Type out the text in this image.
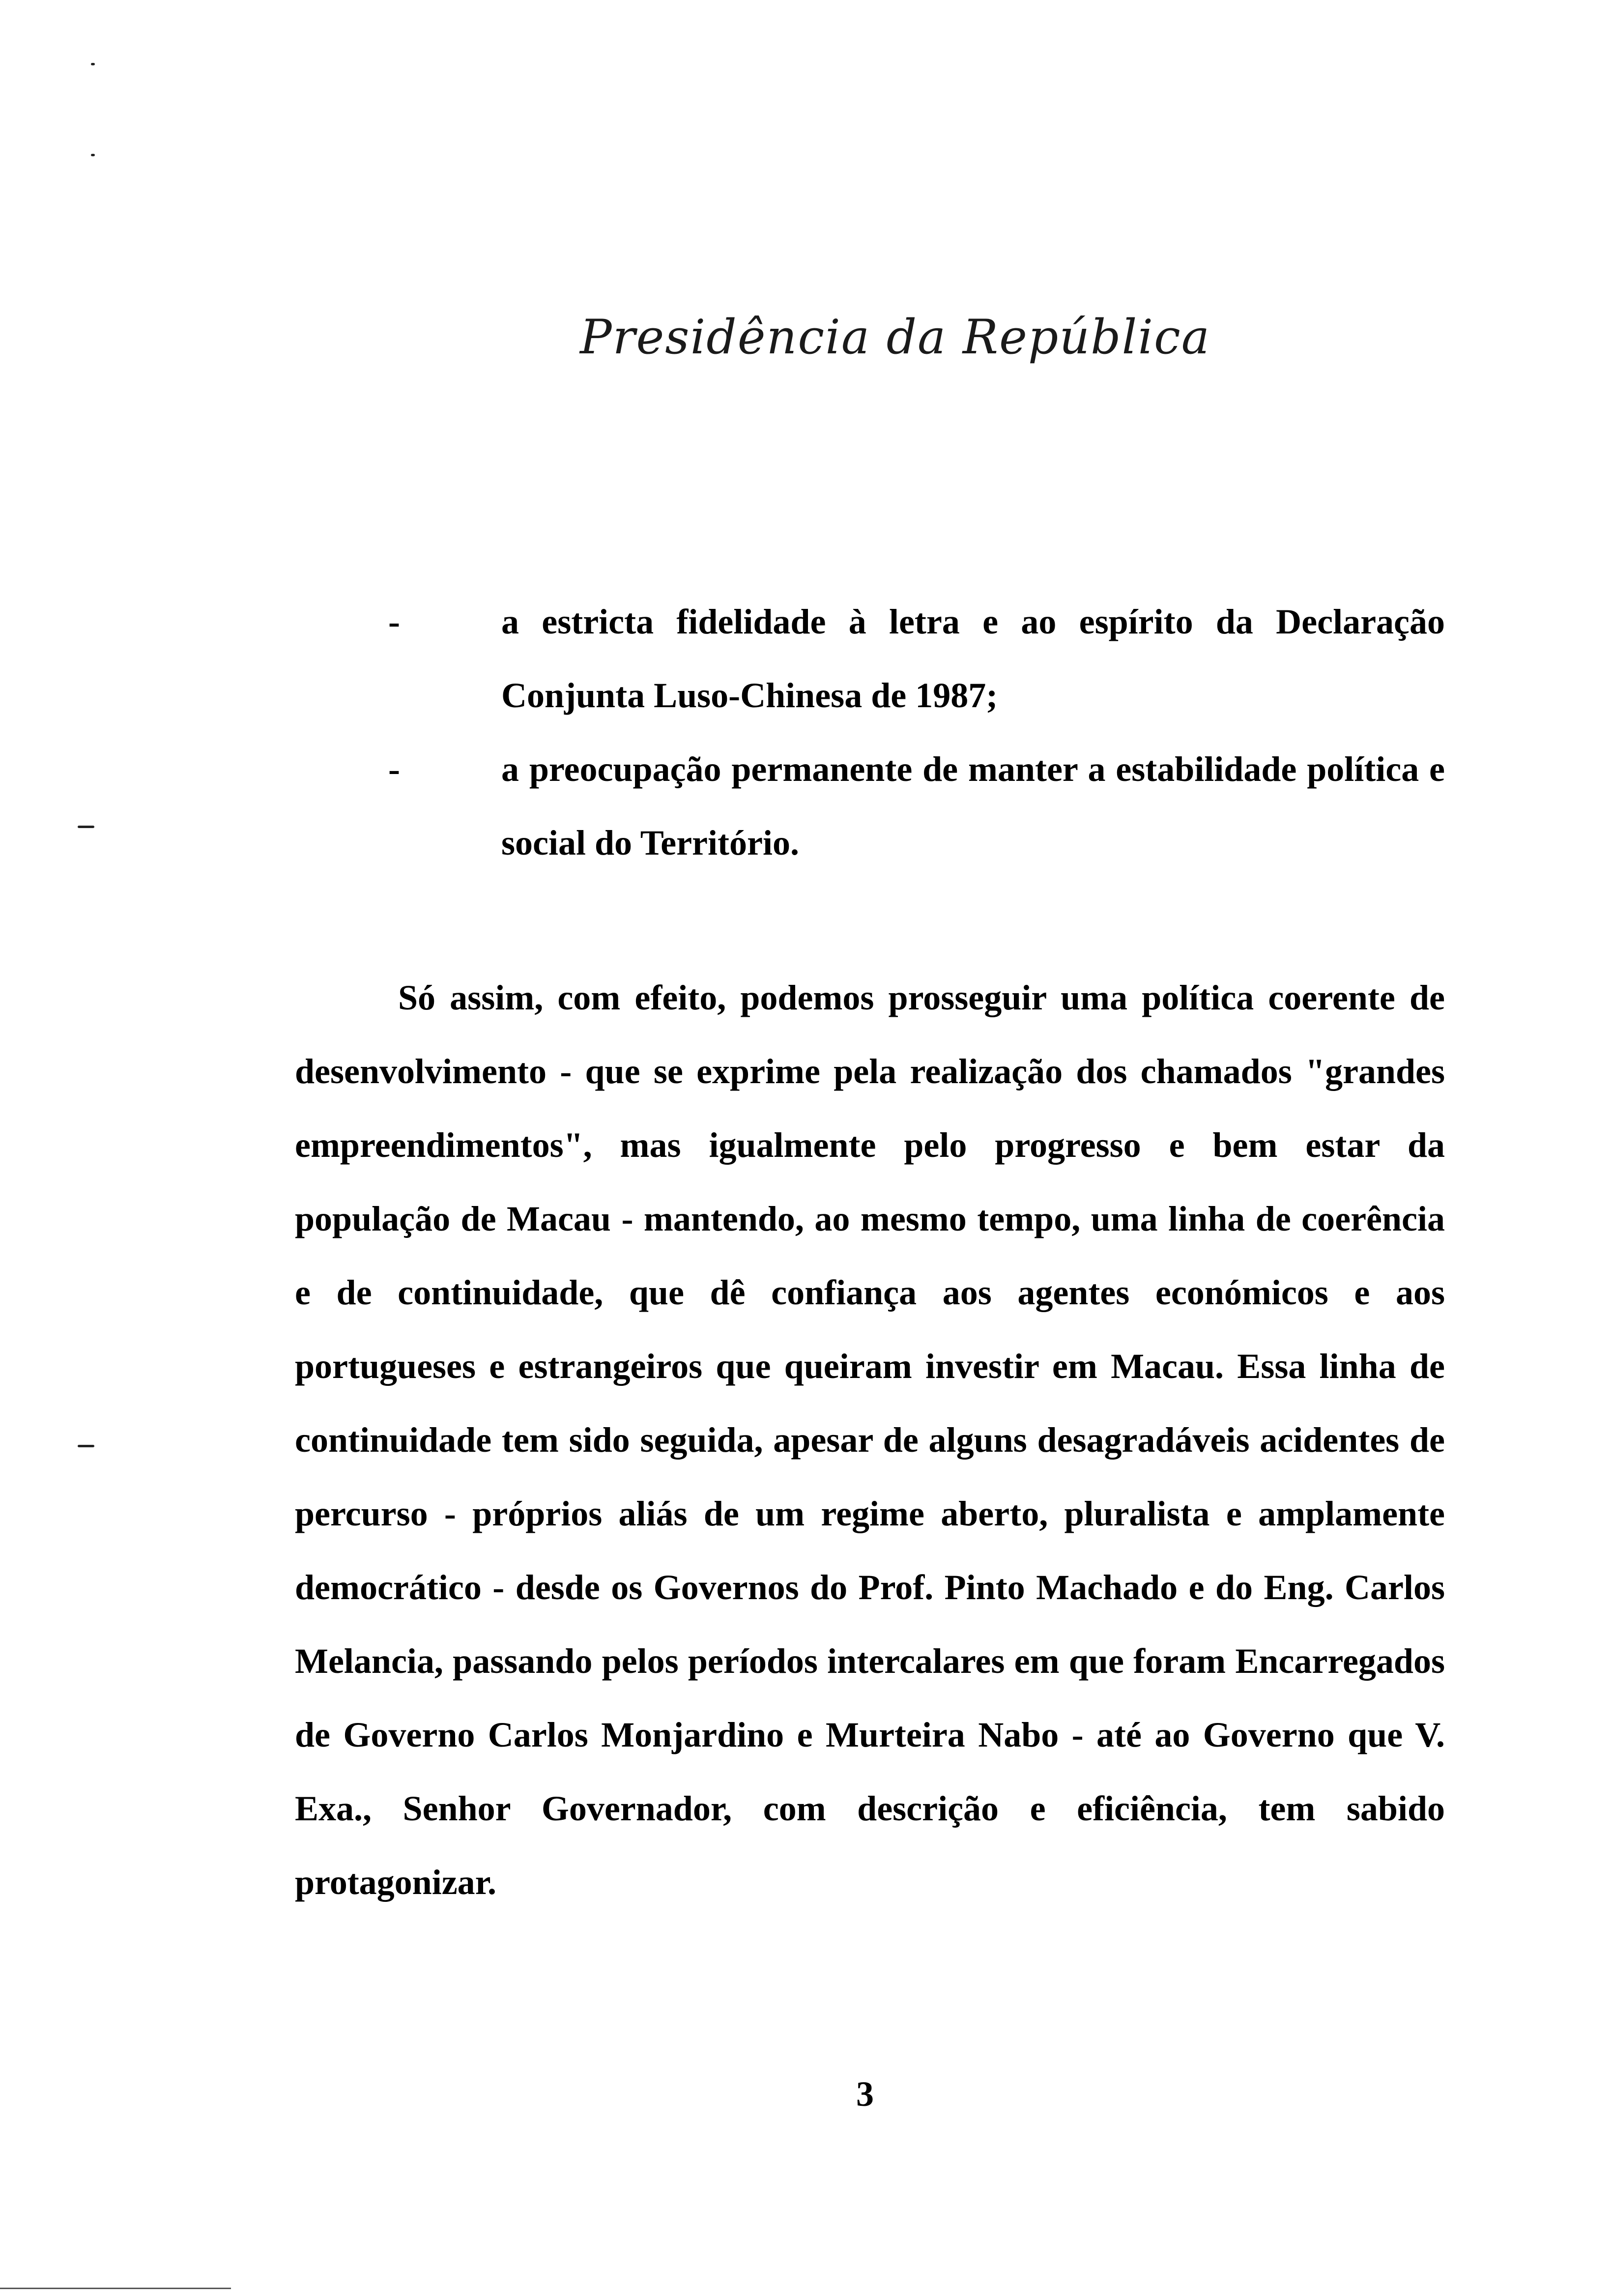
Presidência da República
-	a estricta fidelidade à letra e ao espírito da Declaração Conjunta Luso-Chinesa de 1987;
-	a preocupação permanente de manter a estabilidade política e social do Território.

Só assim, com efeito, podemos prosseguir uma política coerente de desenvolvimento - que se exprime pela realização dos chamados "grandes empreendimentos", mas igualmente pelo progresso e bem estar da população de Macau - mantendo, ao mesmo tempo, uma linha de coerência e de continuidade, que dê confiança aos agentes económicos e aos portugueses e estrangeiros que queiram investir em Macau. Essa linha de continuidade tem sido seguida, apesar de alguns desagradáveis acidentes de percurso - próprios aliás de um regime aberto, pluralista e amplamente democrático - desde os Governos do Prof. Pinto Machado e do Eng. Carlos Melancia, passando pelos períodos intercalares em que foram Encarregados de Governo Carlos Monjardino e Murteira Nabo - até ao Governo que V. Exa., Senhor Governador, com descrição e eficiência, tem sabido protagonizar.

3
